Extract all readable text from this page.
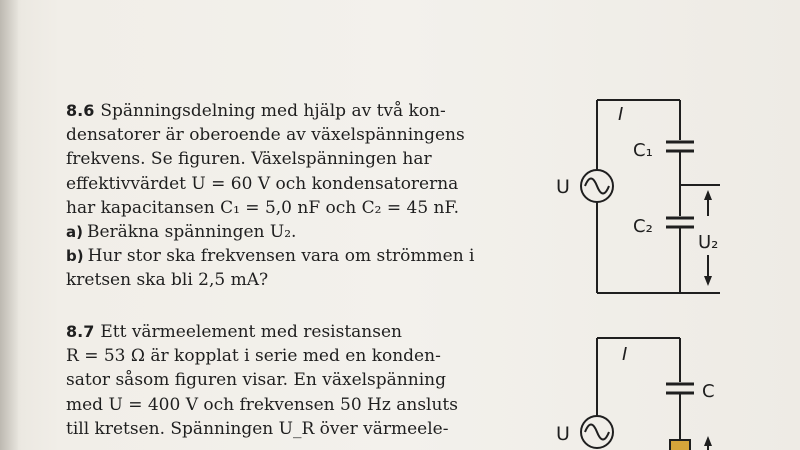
8.6 Spänningsdelning med hjälp av två kon-
densatorer är oberoende av växelspänningens
frekvens. Se figuren. Växelspänningen har
effektivvärdet U = 60 V och kondensatorerna
har kapacitansen C₁ = 5,0 nF och C₂ = 45 nF.
a) Beräkna spänningen U₂.
b) Hur stor ska frekvensen vara om strömmen i
kretsen ska bli 2,5 mA?
8.7 Ett värmeelement med resistansen
R = 53 Ω är kopplat i serie med en konden-
sator såsom figuren visar. En växelspänning
med U = 400 V och frekvensen 50 Hz ansluts
till kretsen. Spänningen U_R över värmeele-
I
U
C₁
C₂
U₂
I
U
C
